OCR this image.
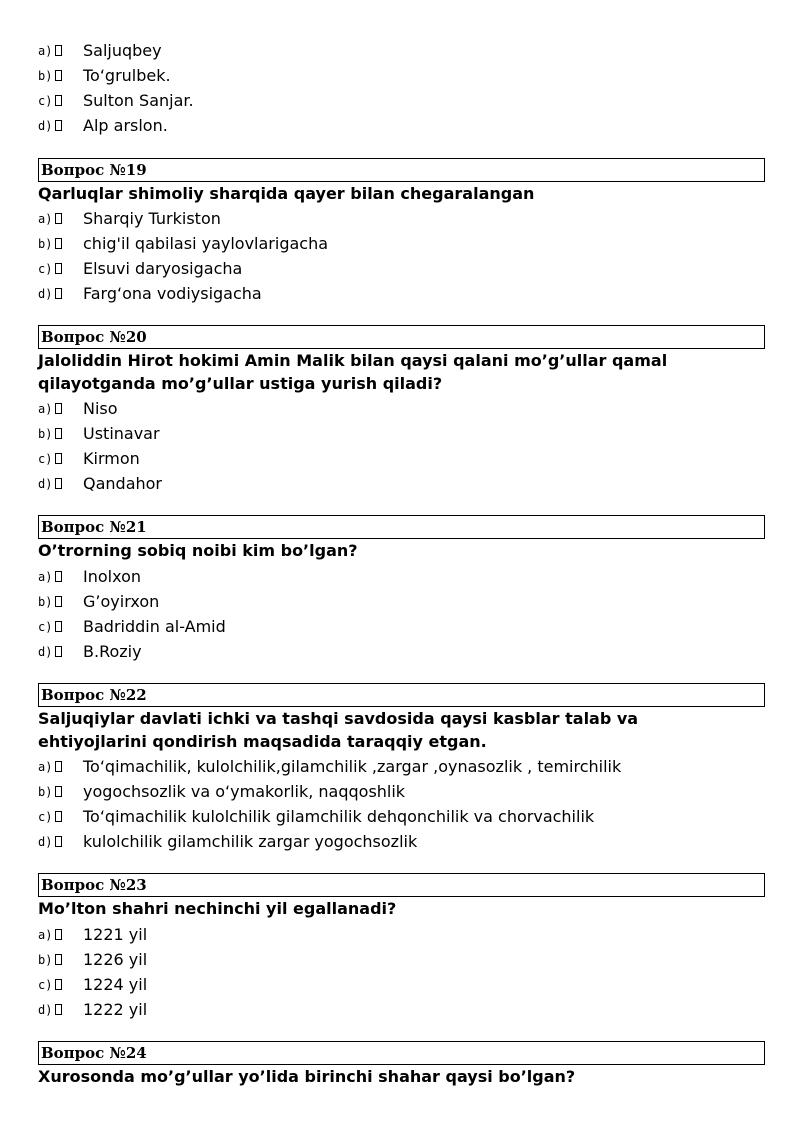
a)	Saljuqbey
b)	To‘grulbek.
c)	Sulton Sanjar.
d)	Alp arslon.
Вопрос №19
Qarluqlar shimoliy sharqida qayer bilan chegaralangan
a)	Sharqiy Turkiston
b)	chig'il qabilasi yaylovlarigacha
c)	Elsuvi daryosigacha
d)	Farg‘ona vodiysigacha
Вопрос №20
Jaloliddin Hirot hokimi Amin Malik bilan qaysi qalani mo’g’ullar qamal qilayotganda mo’g’ullar ustiga yurish qiladi?
a)	Niso
b)	Ustinavar
c)	Kirmon
d)	Qandahor
Вопрос №21
O’trorning sobiq noibi kim bo’lgan?
a)	Inolxon
b)	G’oyirxon
c)	Badriddin al-Amid
d)	B.Roziy
Вопрос №22
Saljuqiylar davlati ichki va tashqi savdosida qaysi kasblar talab va ehtiyojlarini qondirish maqsadida taraqqiy etgan.
a)	To‘qimachilik, kulolchilik,gilamchilik ,zargar ,oynasozlik , temirchilik
b)	yogochsozlik va o‘ymakorlik, naqqoshlik
c)	To‘qimachilik kulolchilik gilamchilik dehqonchilik va chorvachilik
d)	kulolchilik gilamchilik zargar yogochsozlik
Вопрос №23
Mo’lton shahri nechinchi yil egallanadi?
a)	1221 yil
b)	1226 yil
c)	1224 yil
d)	1222 yil
Вопрос №24
Xurosonda mo’g’ullar yo’lida birinchi shahar qaysi bo’lgan?
